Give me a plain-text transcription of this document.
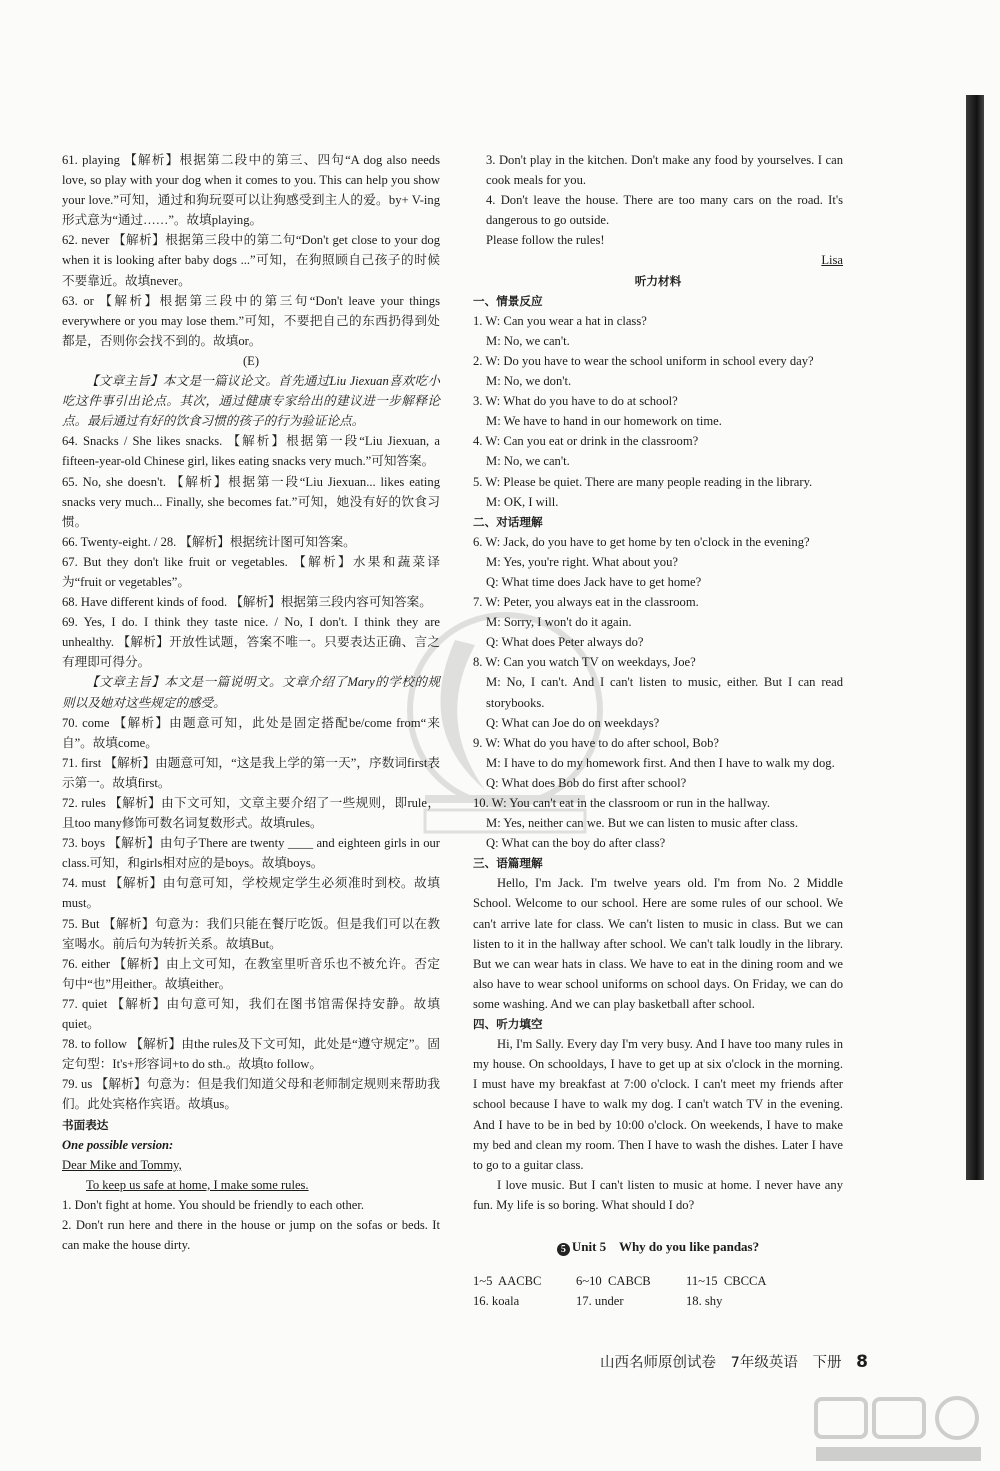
61. playing 【解析】根据第二段中的第三、四句“A dog also needs love, so play with your dog when it comes to you. This can help you show your love.”可知，通过和狗玩耍可以让狗感受到主人的爱。by+ V-ing形式意为“通过……”。故填playing。

62. never 【解析】根据第三段中的第二句“Don't get close to your dog when it is looking after baby dogs ...”可知，在狗照顾自己孩子的时候不要靠近。故填never。

63. or 【解析】根据第三段中的第三句“Don't leave your things everywhere or you may lose them.”可知，不要把自己的东西扔得到处都是，否则你会找不到的。故填or。

(E)

【文章主旨】本文是一篇议论文。首先通过Liu Jiexuan喜欢吃小吃这件事引出论点。其次，通过健康专家给出的建议进一步解释论点。最后通过有好的饮食习惯的孩子的行为验证论点。

64. Snacks / She likes snacks. 【解析】根据第一段“Liu Jiexuan, a fifteen-year-old Chinese girl, likes eating snacks very much.”可知答案。

65. No, she doesn't. 【解析】根据第一段“Liu Jiexuan... likes eating snacks very much... Finally, she becomes fat.”可知，她没有好的饮食习惯。

66. Twenty-eight. / 28. 【解析】根据统计图可知答案。

67. But they don't like fruit or vegetables. 【解析】水果和蔬菜译为“fruit or vegetables”。

68. Have different kinds of food. 【解析】根据第三段内容可知答案。

69. Yes, I do. I think they taste nice. / No, I don't. I think they are unhealthy. 【解析】开放性试题，答案不唯一。只要表达正确、言之有理即可得分。

【文章主旨】本文是一篇说明文。文章介绍了Mary的学校的规则以及她对这些规定的感受。

70. come 【解析】由题意可知，此处是固定搭配be/come from“来自”。故填come。

71. first 【解析】由题意可知，“这是我上学的第一天”，序数词first表示第一。故填first。

72. rules 【解析】由下文可知，文章主要介绍了一些规则，即rule，且too many修饰可数名词复数形式。故填rules。

73. boys 【解析】由句子There are twenty ____ and eighteen girls in our class.可知，和girls相对应的是boys。故填boys。

74. must 【解析】由句意可知，学校规定学生必须准时到校。故填must。

75. But 【解析】句意为：我们只能在餐厅吃饭。但是我们可以在教室喝水。前后句为转折关系。故填But。

76. either 【解析】由上文可知，在教室里听音乐也不被允许。否定句中“也”用either。故填either。

77. quiet 【解析】由句意可知，我们在图书馆需保持安静。故填quiet。

78. to follow 【解析】由the rules及下文可知，此处是“遵守规定”。固定句型：It's+形容词+to do sth.。故填to follow。

79. us 【解析】句意为：但是我们知道父母和老师制定规则来帮助我们。此处宾格作宾语。故填us。

书面表达

One possible version:

Dear Mike and Tommy,

To keep us safe at home, I make some rules.

1. Don't fight at home. You should be friendly to each other.

2. Don't run here and there in the house or jump on the sofas or beds. It can make the house dirty.

3. Don't play in the kitchen. Don't make any food by yourselves. I can cook meals for you.

4. Don't leave the house. There are too many cars on the road. It's dangerous to go outside.

Please follow the rules!

Lisa

听力材料

一、情景反应

1. W: Can you wear a hat in class?

M: No, we can't.

2. W: Do you have to wear the school uniform in school every day?

M: No, we don't.

3. W: What do you have to do at school?

M: We have to hand in our homework on time.

4. W: Can you eat or drink in the classroom?

M: No, we can't.

5. W: Please be quiet. There are many people reading in the library.

M: OK, I will.

二、对话理解

6. W: Jack, do you have to get home by ten o'clock in the evening?

M: Yes, you're right. What about you?

Q: What time does Jack have to get home?

7. W: Peter, you always eat in the classroom.

M: Sorry, I won't do it again.

Q: What does Peter always do?

8. W: Can you watch TV on weekdays, Joe?

M: No, I can't. And I can't listen to music, either. But I can read storybooks.

Q: What can Joe do on weekdays?

9. W: What do you have to do after school, Bob?

M: I have to do my homework first. And then I have to walk my dog.

Q: What does Bob do first after school?

10. W: You can't eat in the classroom or run in the hallway.

M: Yes, neither can we. But we can listen to music after class.

Q: What can the boy do after class?

三、语篇理解

Hello, I'm Jack. I'm twelve years old. I'm from No. 2 Middle School. Welcome to our school. Here are some rules of our school. We can't arrive late for class. We can't listen to music in class. But we can listen to it in the hallway after school. We can't talk loudly in the library. But we can wear hats in class. We have to eat in the dining room and we also have to wear school uniforms on school days. On Friday, we can do some washing. And we can play basketball after school.

四、听力填空

Hi, I'm Sally. Every day I'm very busy. And I have too many rules in my house. On schooldays, I have to get up at six o'clock in the morning. I must have my breakfast at 7:00 o'clock. I can't meet my friends after school because I have to walk my dog. I can't watch TV in the evening. And I have to be in bed by 10:00 o'clock. On weekends, I have to make my bed and clean my room. Then I have to wash the dishes. Later I have to go to a guitar class.

I love music. But I can't listen to music at home. I never have any fun. My life is so boring. What should I do?

5 Unit 5    Why do you like pandas?
1~5  AACBC	6~10  CABCB	11~15  CBCCA
16. koala	17. under	18. shy
山西名师原创试卷 7年级英语 下册 8
